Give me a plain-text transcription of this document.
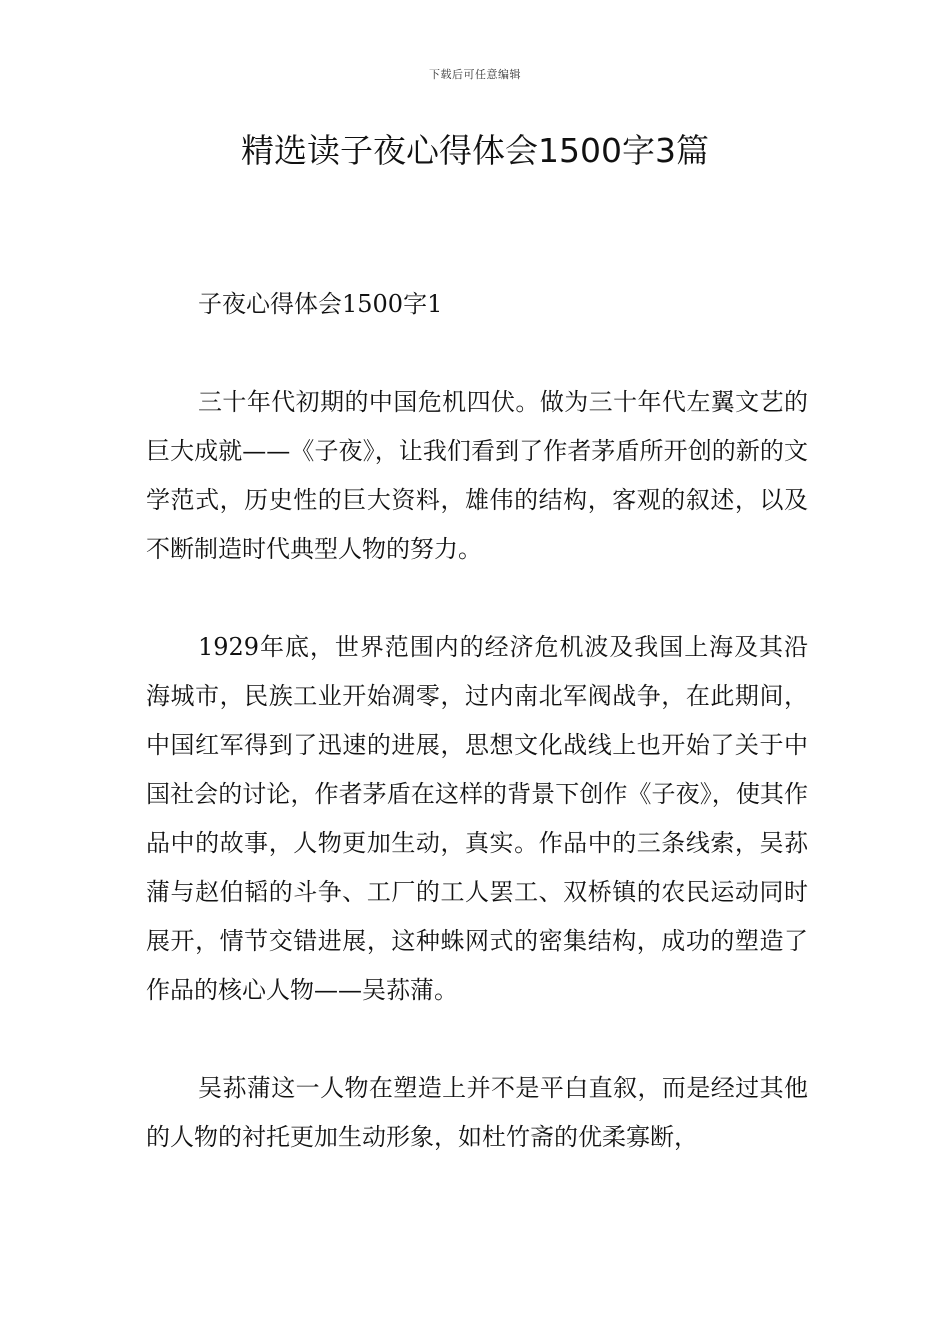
下载后可任意编辑
精选读子夜心得体会1500字3篇
子夜心得体会1500字1

三十年代初期的中国危机四伏。做为三十年代左翼文艺的巨大成就——《子夜》，让我们看到了作者茅盾所开创的新的文学范式，历史性的巨大资料，雄伟的结构，客观的叙述，以及不断制造时代典型人物的努力。

1929年底，世界范围内的经济危机波及我国上海及其沿海城市，民族工业开始凋零，过内南北军阀战争，在此期间，中国红军得到了迅速的进展，思想文化战线上也开始了关于中国社会的讨论，作者茅盾在这样的背景下创作《子夜》，使其作品中的故事，人物更加生动，真实。作品中的三条线索，吴荪蒲与赵伯韬的斗争、工厂的工人罢工、双桥镇的农民运动同时展开，情节交错进展，这种蛛网式的密集结构，成功的塑造了作品的核心人物——吴荪蒲。

吴荪蒲这一人物在塑造上并不是平白直叙，而是经过其他的人物的衬托更加生动形象，如杜竹斋的优柔寡断，
